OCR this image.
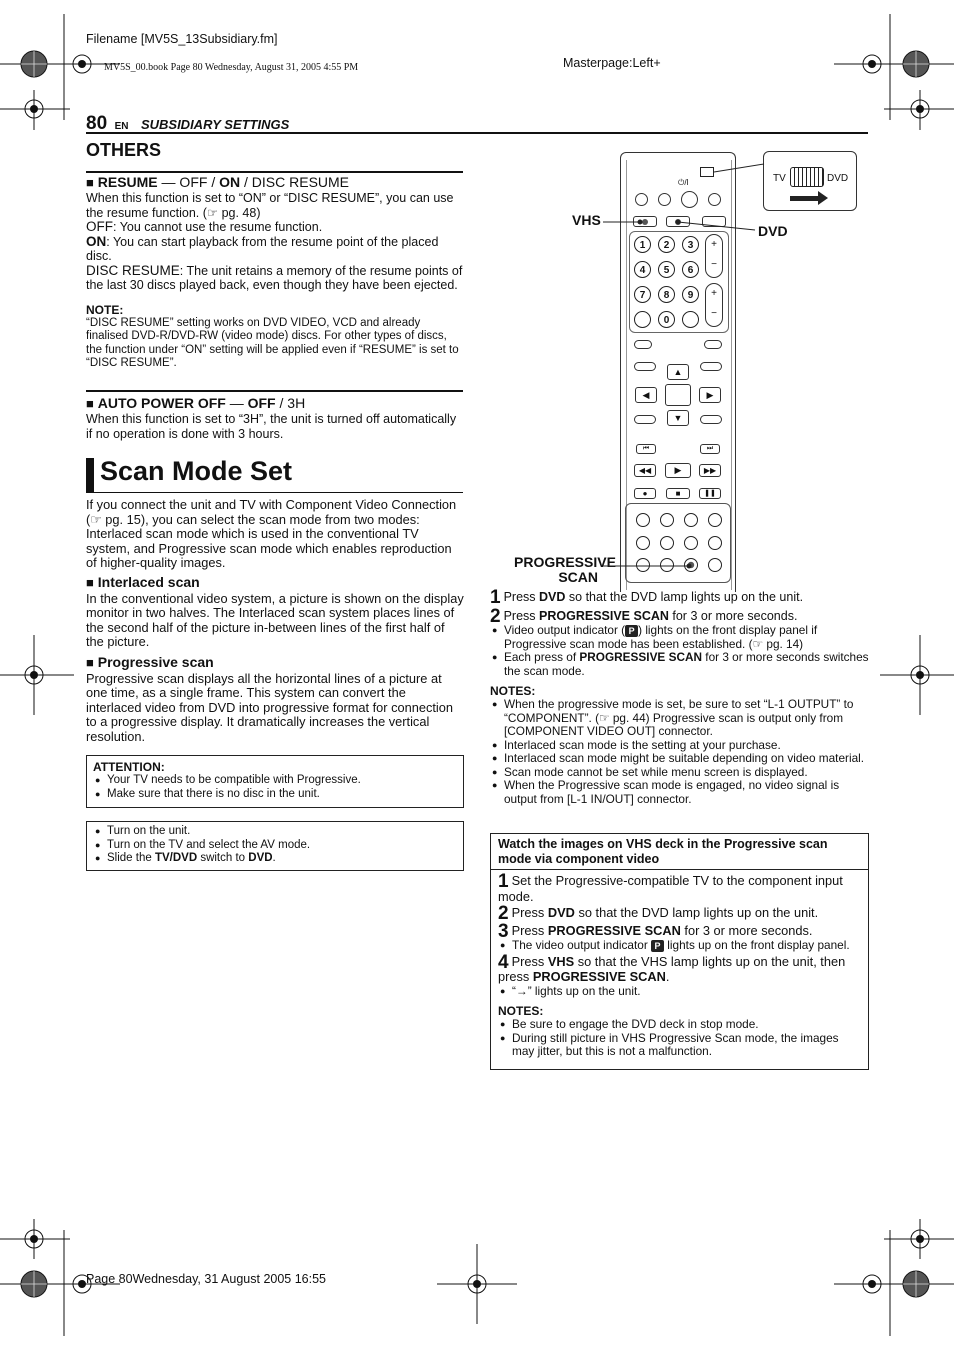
Filename [MV5S_13Subsidiary.fm]
MV5S_00.book Page 80 Wednesday, August 31, 2005 4:55 PM	Masterpage:Left+
80 EN SUBSIDIARY SETTINGS
OTHERS
■ RESUME — OFF / ON / DISC RESUME
When this function is set to “ON” or “DISC RESUME”, you can use the resume function. (☞ pg. 48)
OFF: You cannot use the resume function.
ON: You can start playback from the resume point of the placed disc.
DISC RESUME: The unit retains a memory of the resume points of the last 30 discs played back, even though they have been ejected.
NOTE:
“DISC RESUME” setting works on DVD VIDEO, VCD and already finalised DVD-R/DVD-RW (video mode) discs. For other types of discs, the function under “ON” setting will be applied even if “RESUME” is set to “DISC RESUME”.
■ AUTO POWER OFF — OFF / 3H
When this function is set to “3H”, the unit is turned off automatically if no operation is done with 3 hours.
Scan Mode Set
If you connect the unit and TV with Component Video Connection (☞ pg. 15), you can select the scan mode from two modes: Interlaced scan mode which is used in the conventional TV system, and Progressive scan mode which enables reproduction of higher-quality images.
■ Interlaced scan
In the conventional video system, a picture is shown on the display monitor in two halves. The Interlaced scan system places lines of the second half of the picture in-between lines of the first half of the picture.
■ Progressive scan
Progressive scan displays all the horizontal lines of a picture at one time, as a single frame. This system can convert the interlaced video from DVD into progressive format for connection to a progressive display. It dramatically increases the vertical resolution.
ATTENTION:
● Your TV needs to be compatible with Progressive.
● Make sure that there is no disc in the unit.
● Turn on the unit.
● Turn on the TV and select the AV mode.
● Slide the TV/DVD switch to DVD.
TV	DVD
⏻/I
1	2	3
4	5	6
7	8	9
0
+
−
+
−
▲
◀	▶
▼
⏮	⏭
◀◀	▶	▶▶
●	■	❚❚
VHS
DVD
PROGRESSIVE
SCAN
1 Press DVD so that the DVD lamp lights up on the unit.
2 Press PROGRESSIVE SCAN for 3 or more seconds.
● Video output indicator ( P ) lights on the front display panel if Progressive scan mode has been established. (☞ pg. 14)
● Each press of PROGRESSIVE SCAN for 3 or more seconds switches the scan mode.
NOTES:
● When the progressive mode is set, be sure to set “L-1 OUTPUT” to “COMPONENT”. (☞ pg. 44) Progressive scan is output only from [COMPONENT VIDEO OUT] connector.
● Interlaced scan mode is the setting at your purchase.
● Interlaced scan mode might be suitable depending on video material.
● Scan mode cannot be set while menu screen is displayed.
● When the Progressive scan mode is engaged, no video signal is output from [L-1 IN/OUT] connector.
Watch the images on VHS deck in the Progressive scan mode via component video
1 Set the Progressive-compatible TV to the component input mode.
2 Press DVD so that the DVD lamp lights up on the unit.
3 Press PROGRESSIVE SCAN for 3 or more seconds.
● The video output indicator P lights up on the front display panel.
4 Press VHS so that the VHS lamp lights up on the unit, then press PROGRESSIVE SCAN.
● “→” lights up on the unit.
NOTES:
● Be sure to engage the DVD deck in stop mode.
● During still picture in VHS Progressive Scan mode, the images may jitter, but this is not a malfunction.
Page 80Wednesday, 31 August 2005 16:55
